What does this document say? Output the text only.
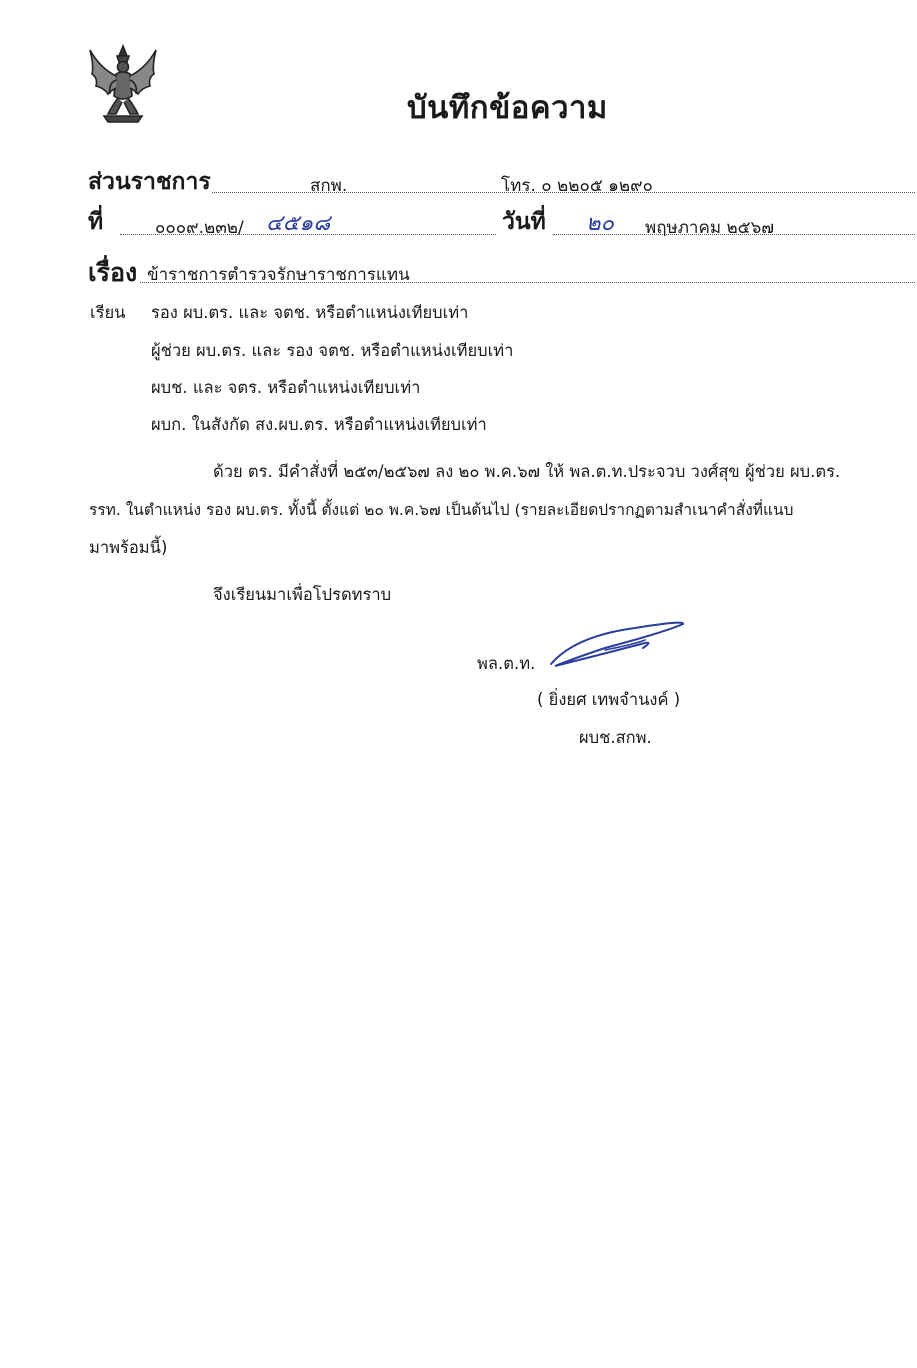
บันทึกข้อความ
ส่วนราชการ	สกพ.	โทร. ๐ ๒๒๐๕ ๑๒๙๐
ที่	๐๐๐๙.๒๓๒/ ๔๕๑๘	วันที่ ๒๐ พฤษภาคม ๒๕๖๗
เรื่อง ข้าราชการตำรวจรักษาราชการแทน
เรียน รอง ผบ.ตร. และ จตช. หรือตำแหน่งเทียบเท่า
ผู้ช่วย ผบ.ตร. และ รอง จตช. หรือตำแหน่งเทียบเท่า
ผบช. และ จตร. หรือตำแหน่งเทียบเท่า
ผบก. ในสังกัด สง.ผบ.ตร. หรือตำแหน่งเทียบเท่า
ด้วย ตร. มีคำสั่งที่ ๒๕๓/๒๕๖๗ ลง ๒๐ พ.ค.๖๗ ให้ พล.ต.ท.ประจวบ วงศ์สุข ผู้ช่วย ผบ.ตร.
รรท. ในตำแหน่ง รอง ผบ.ตร. ทั้งนี้ ตั้งแต่ ๒๐ พ.ค.๖๗ เป็นต้นไป (รายละเอียดปรากฏตามสำเนาคำสั่งที่แนบ
มาพร้อมนี้)
จึงเรียนมาเพื่อโปรดทราบ
พล.ต.ท.
( ยิ่งยศ เทพจำนงค์ )
ผบช.สกพ.
